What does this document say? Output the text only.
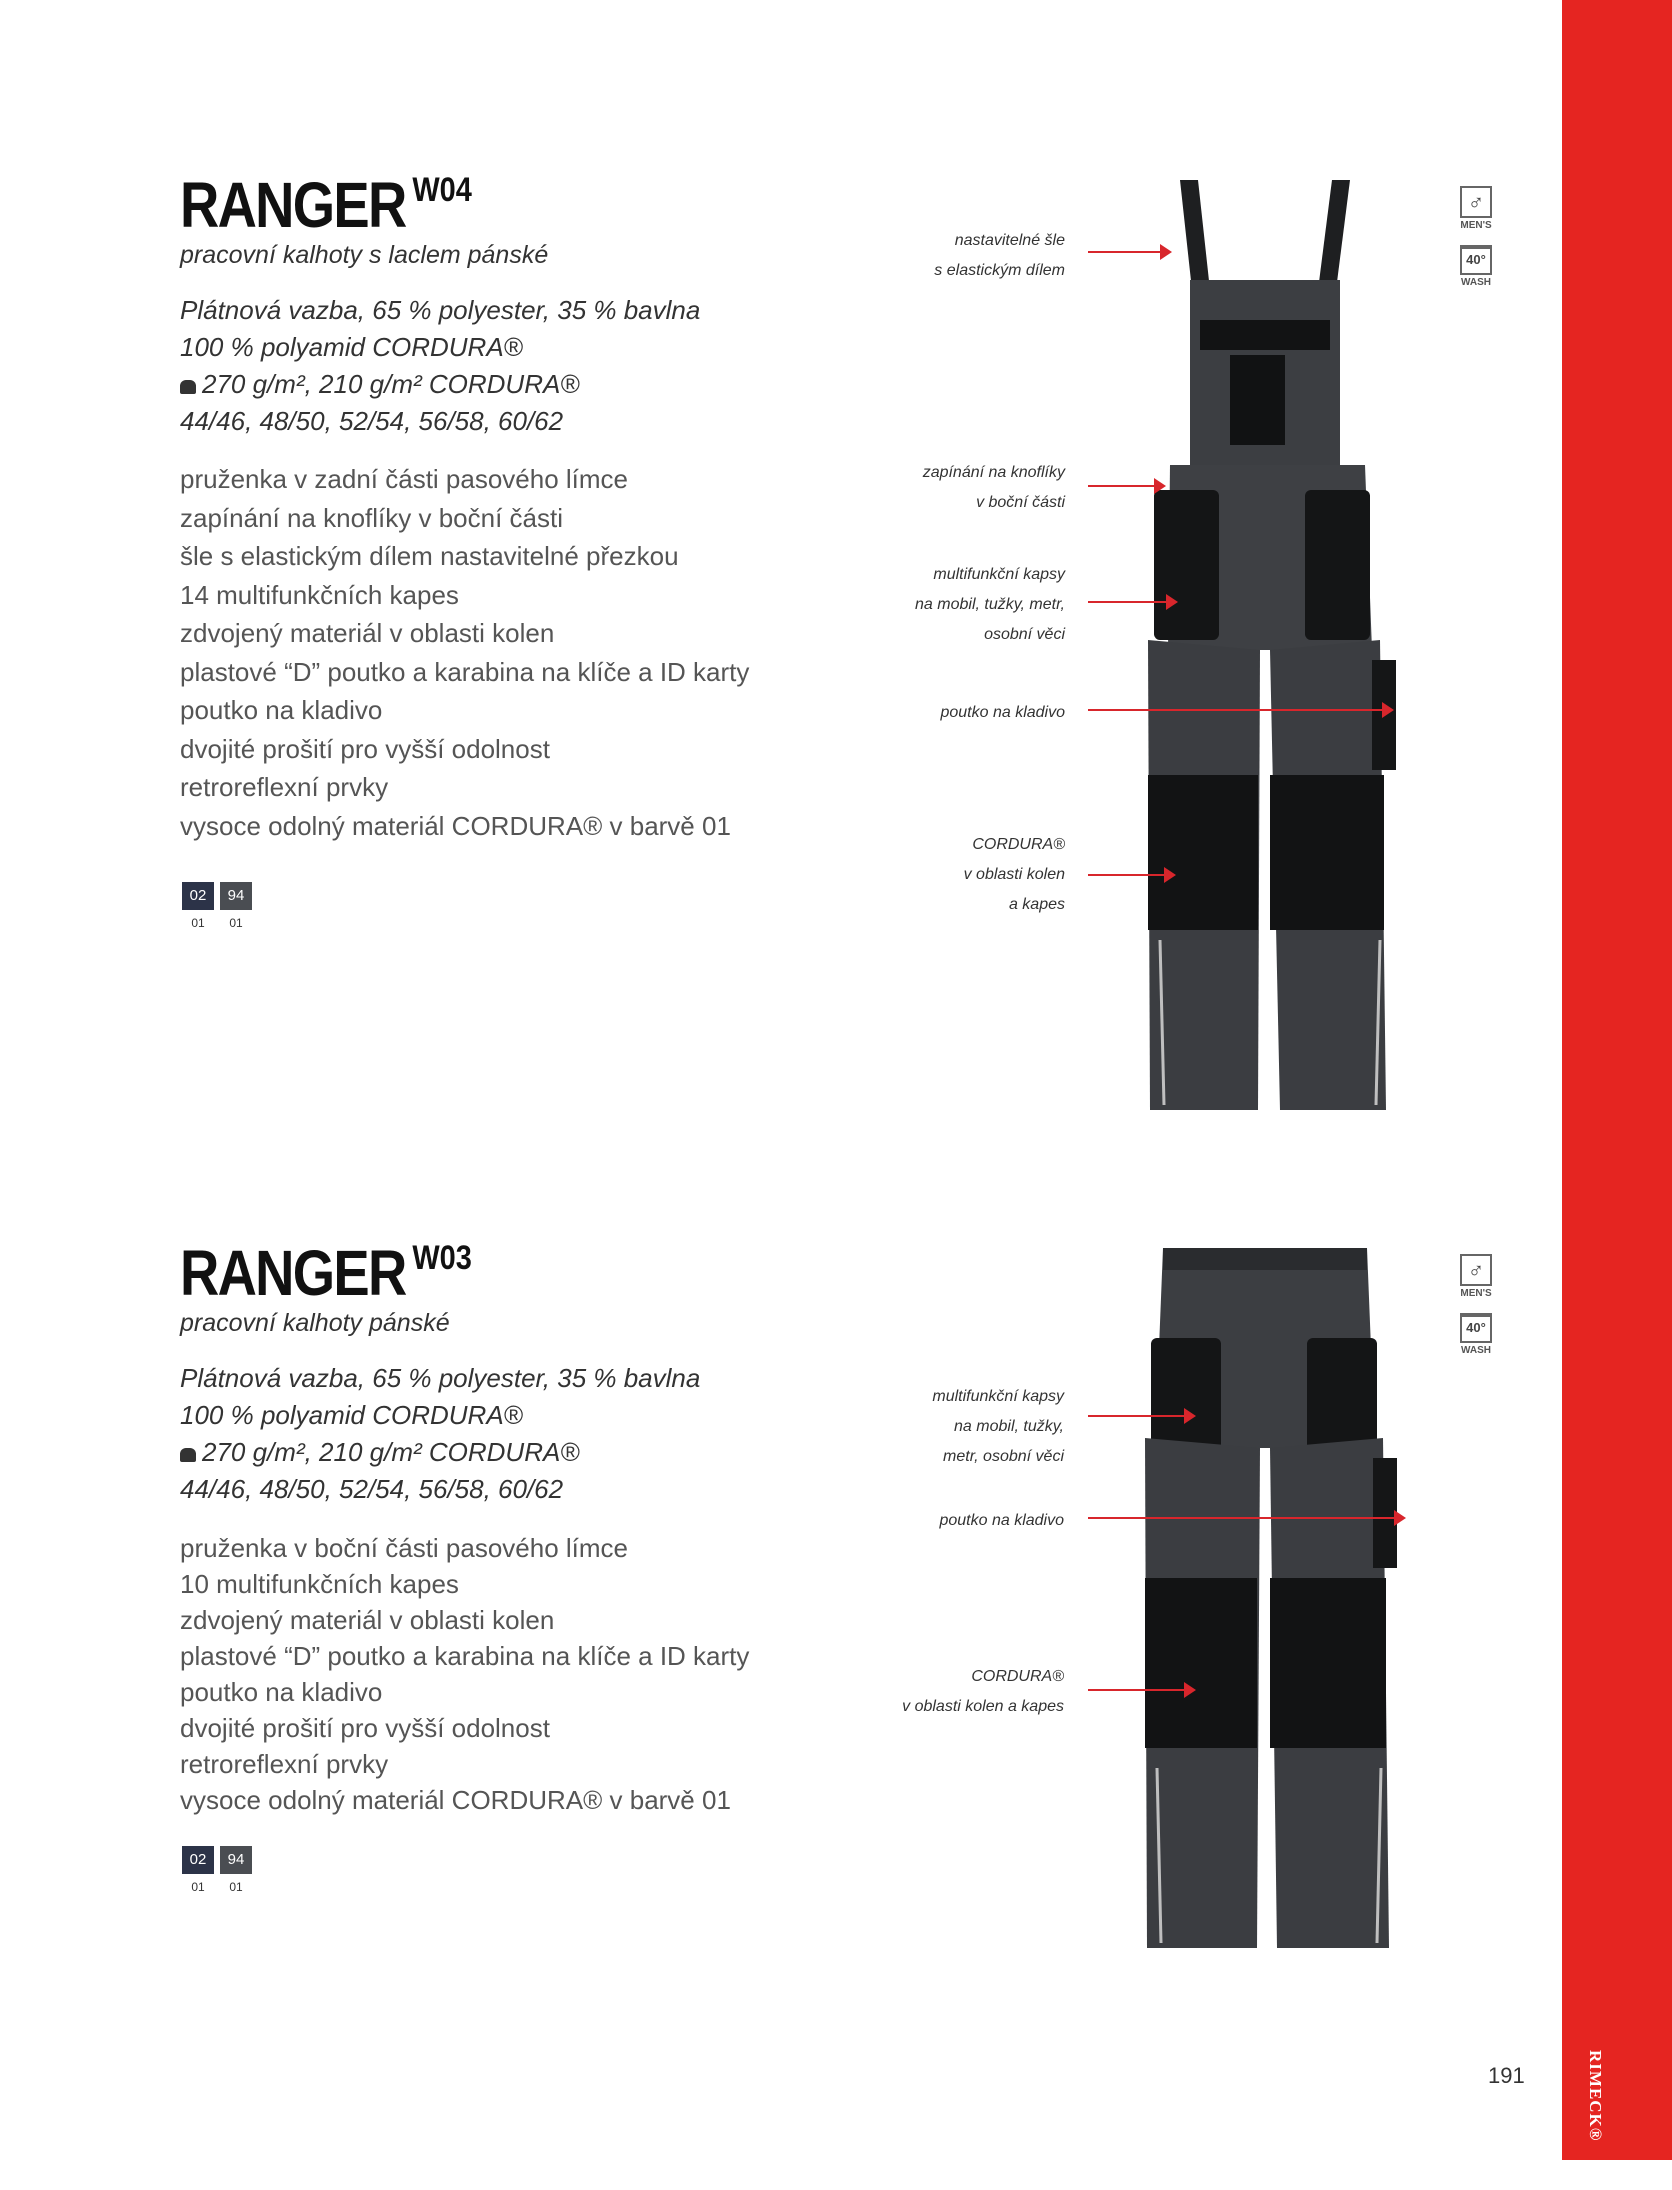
RIMECK®
191
RANGER $^{W04}$
pracovní kalhoty s laclem pánské
Plátnová vazba, 65 % polyester, 35 % bavlna
100 % polyamid CORDURA®
270 g/m², 210 g/m² CORDURA®
44/46, 48/50, 52/54, 56/58, 60/62
pruženka v zadní části pasového límce
zapínání na knoflíky v boční části
šle s elastickým dílem nastavitelné přezkou
14 multifunkčních kapes
zdvojený materiál v oblasti kolen
plastové “D” poutko a karabina na klíče a ID karty
poutko na kladivo
dvojité prošití pro vyšší odolnost
retroreflexní prvky
vysoce odolný materiál CORDURA® v barvě 01
02
01
94
01
nastavitelné šle
s elastickým dílem
zapínání na knoflíky
v boční části
multifunkční kapsy
na mobil, tužky, metr,
osobní věci
poutko na kladivo
CORDURA®
v oblasti kolen
a kapes
♂
MEN'S
40°
WASH
RANGER $^{W03}$
pracovní kalhoty pánské
Plátnová vazba, 65 % polyester, 35 % bavlna
100 % polyamid CORDURA®
270 g/m², 210 g/m² CORDURA®
44/46, 48/50, 52/54, 56/58, 60/62
pruženka v boční části pasového límce
10 multifunkčních kapes
zdvojený materiál v oblasti kolen
plastové “D” poutko a karabina na klíče a ID karty
poutko na kladivo
dvojité prošití pro vyšší odolnost
retroreflexní prvky
vysoce odolný materiál CORDURA® v barvě 01
02
01
94
01
multifunkční kapsy
na mobil, tužky,
metr, osobní věci
poutko na kladivo
CORDURA®
v oblasti kolen a kapes
♂
MEN'S
40°
WASH
